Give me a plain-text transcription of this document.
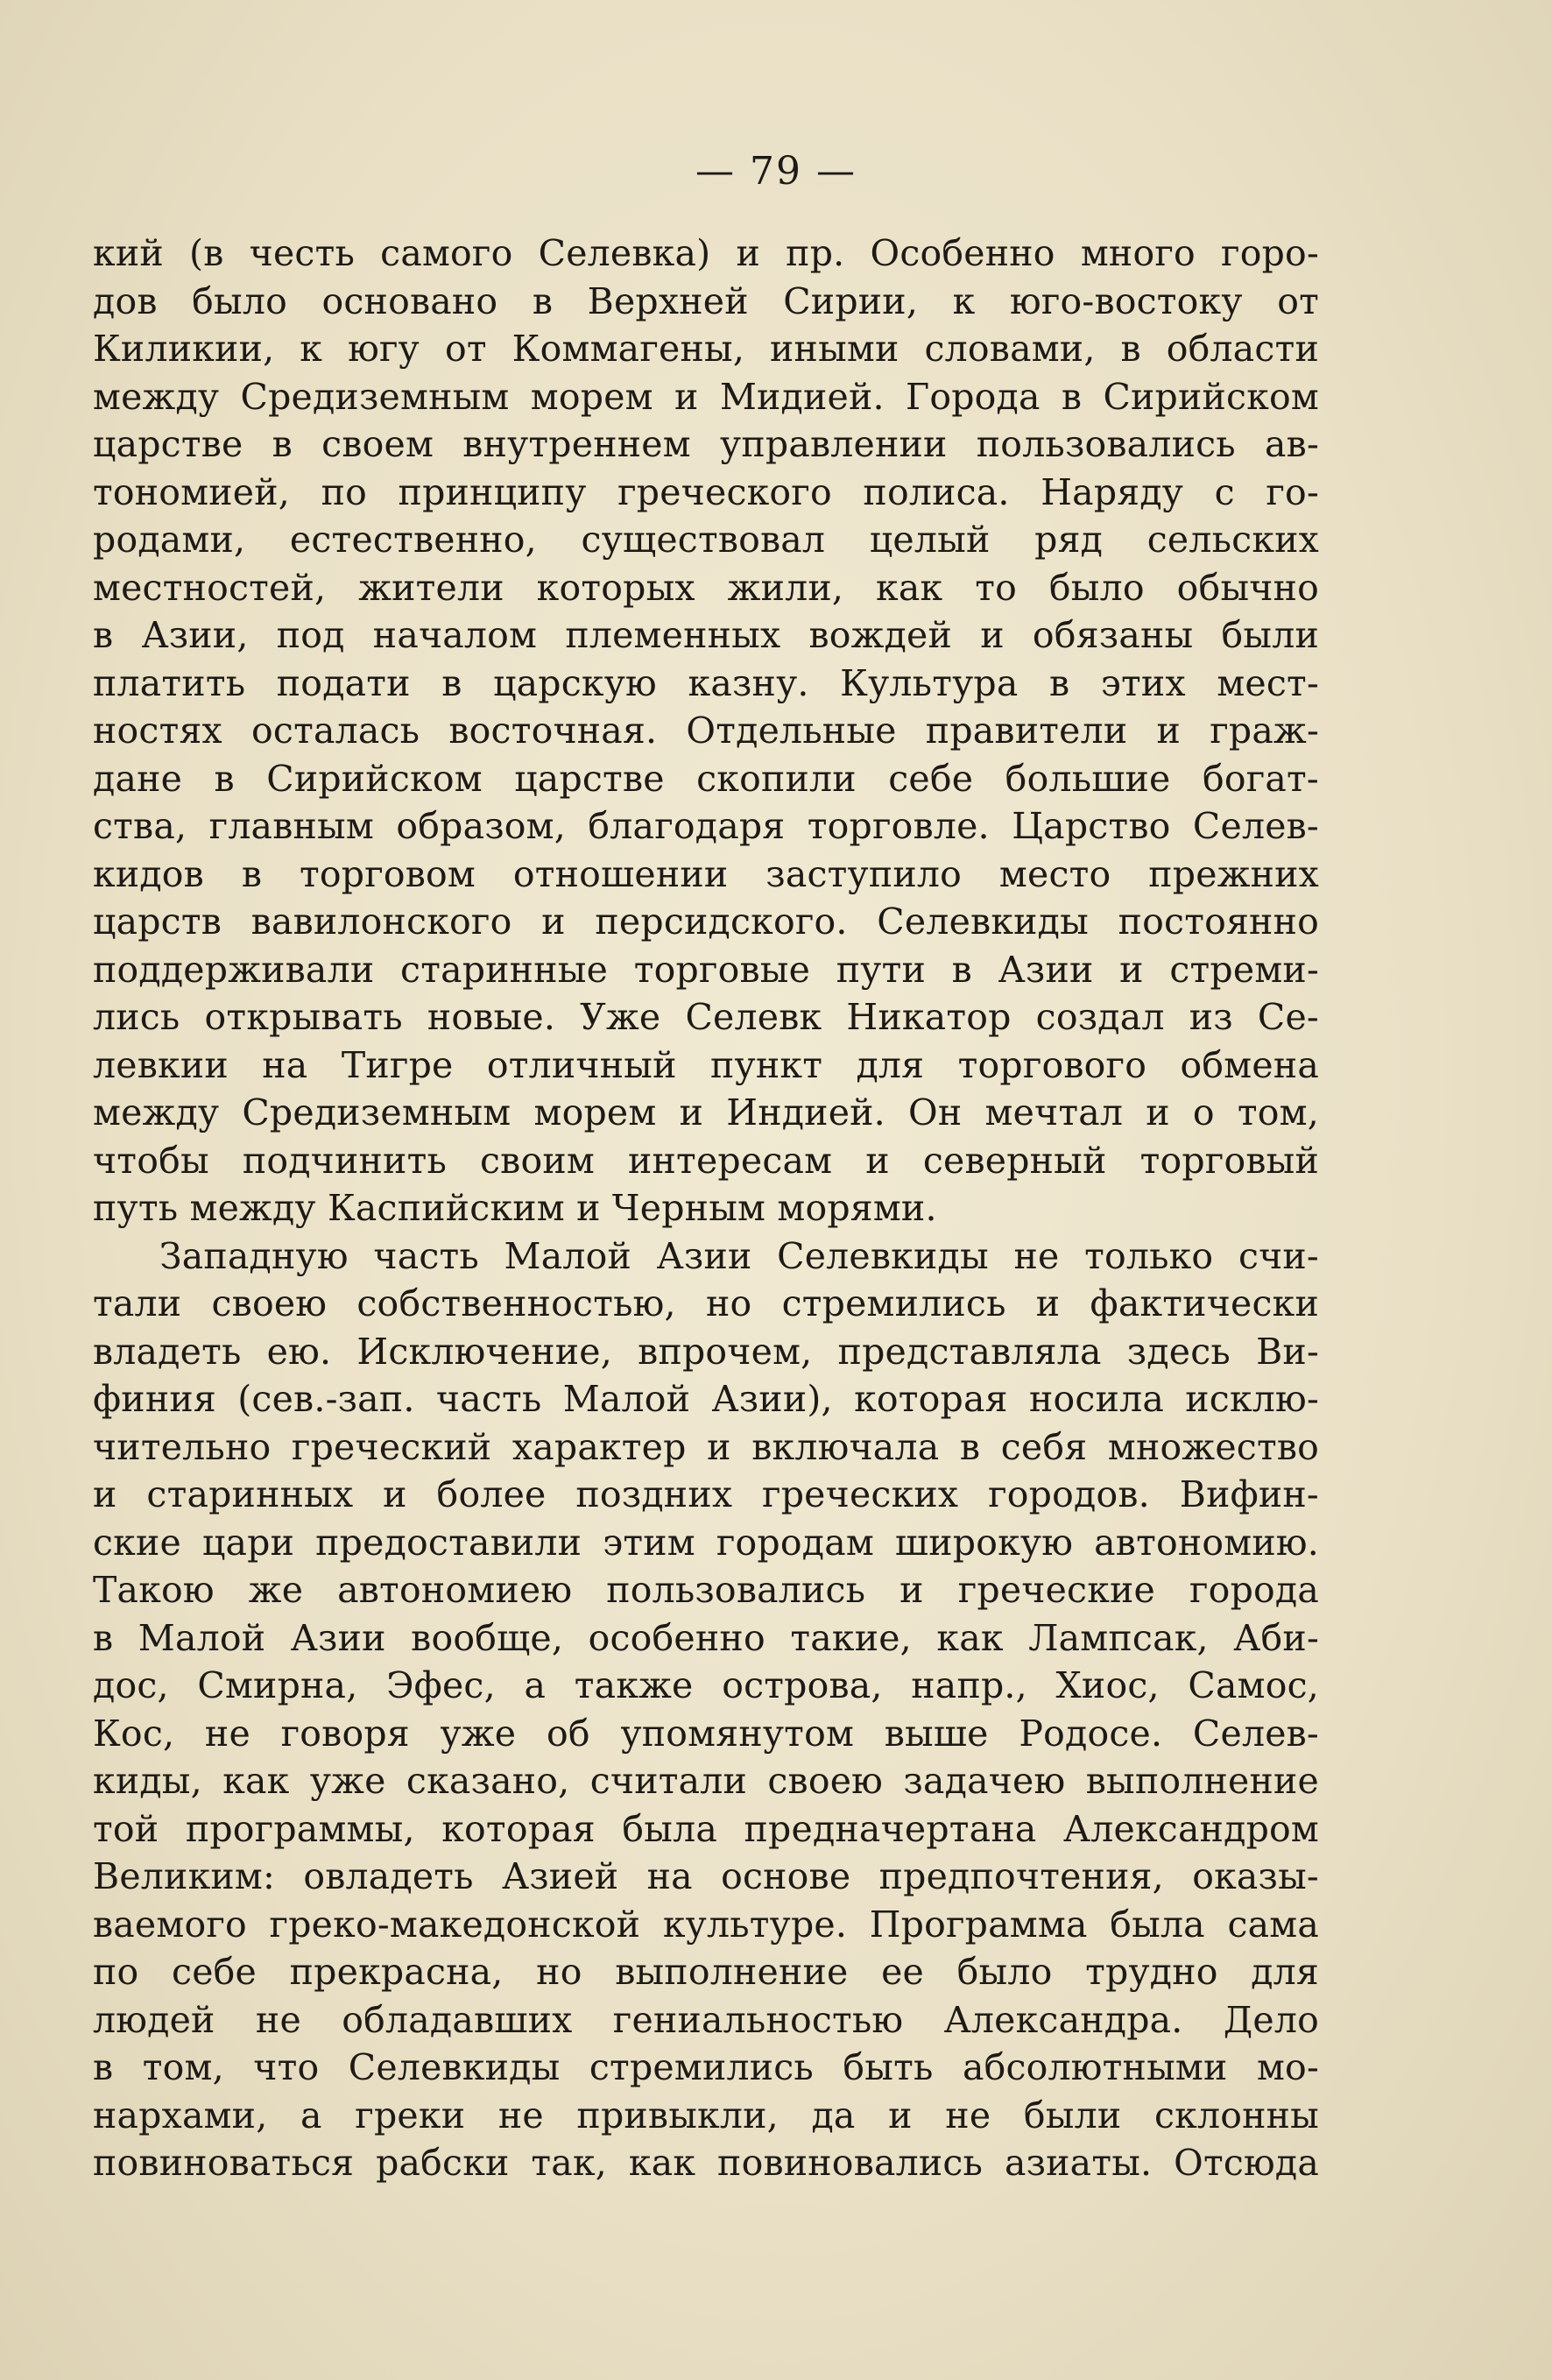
— 79 —
кий (в честь самого Селевка) и пр. Особенно много горо-
дов было основано в Верхней Сирии, к юго-востоку от
Киликии, к югу от Коммагены, иными словами, в области
между Средиземным морем и Мидией. Города в Сирийском
царстве в своем внутреннем управлении пользовались ав-
тономией, по принципу греческого полиса. Наряду с го-
родами, естественно, существовал целый ряд сельских
местностей, жители которых жили, как то было обычно
в Азии, под началом племенных вождей и обязаны были
платить подати в царскую казну. Культура в этих мест-
ностях осталась восточная. Отдельные правители и граж-
дане в Сирийском царстве скопили себе большие богат-
ства, главным образом, благодаря торговле. Царство Селев-
кидов в торговом отношении заступило место прежних
царств вавилонского и персидского. Селевкиды постоянно
поддерживали старинные торговые пути в Азии и стреми-
лись открывать новые. Уже Селевк Никатор создал из Се-
левкии на Тигре отличный пункт для торгового обмена
между Средиземным морем и Индией. Он мечтал и о том,
чтобы подчинить своим интересам и северный торговый
путь между Каспийским и Черным морями.
Западную часть Малой Азии Селевкиды не только счи-
тали своею собственностью, но стремились и фактически
владеть ею. Исключение, впрочем, представляла здесь Ви-
финия (сев.-зап. часть Малой Азии), которая носила исклю-
чительно греческий характер и включала в себя множество
и старинных и более поздних греческих городов. Вифин-
ские цари предоставили этим городам широкую автономию.
Такою же автономиею пользовались и греческие города
в Малой Азии вообще, особенно такие, как Лампсак, Аби-
дос, Смирна, Эфес, а также острова, напр., Хиос, Самос,
Кос, не говоря уже об упомянутом выше Родосе. Селев-
киды, как уже сказано, считали своею задачею выполнение
той программы, которая была предначертана Александром
Великим: овладеть Азией на основе предпочтения, оказы-
ваемого греко-македонской культуре. Программа была сама
по себе прекрасна, но выполнение ее было трудно для
людей не обладавших гениальностью Александра. Дело
в том, что Селевкиды стремились быть абсолютными мо-
нархами, а греки не привыкли, да и не были склонны
повиноваться рабски так, как повиновались азиаты. Отсюда
